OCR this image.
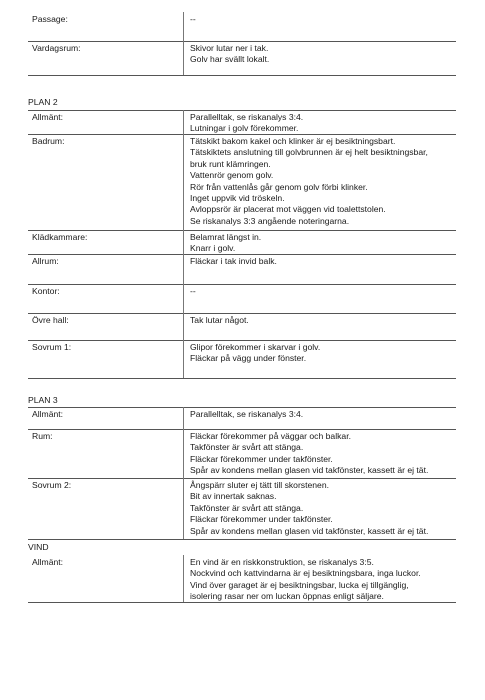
Passage:	--
Vardagsrum:	Skivor lutar ner i tak.
Golv har svällt lokalt.
PLAN 2
Allmänt:	Parallelltak, se riskanalys 3:4.
Lutningar i golv förekommer.
Badrum:	Tätskikt bakom kakel och klinker är ej besiktningsbart.
Tätskiktets anslutning till golvbrunnen är ej helt besiktningsbar,
bruk runt klämringen.
Vattenrör genom golv.
Rör från vattenlås går genom golv förbi klinker.
Inget uppvik vid tröskeln.
Avloppsrör är placerat mot väggen vid toalettstolen.
Se riskanalys 3:3 angående noteringarna.
Klädkammare:	Belamrat längst in.
Knarr i golv.
Allrum:	Fläckar i tak invid balk.
Kontor:	--
Övre hall:	Tak lutar något.
Sovrum 1:	Glipor förekommer i skarvar i golv.
Fläckar på vägg under fönster.
PLAN 3
Allmänt:	Parallelltak, se riskanalys 3:4.
Rum:	Fläckar förekommer på väggar och balkar.
Takfönster är svårt att stänga.
Fläckar förekommer under takfönster.
Spår av kondens mellan glasen vid takfönster, kassett är ej tät.
Sovrum 2:	Ångspärr sluter ej tätt till skorstenen.
Bit av innertak saknas.
Takfönster är svårt att stänga.
Fläckar förekommer under takfönster.
Spår av kondens mellan glasen vid takfönster, kassett är ej tät.
VIND
Allmänt:	En vind är en riskkonstruktion, se riskanalys 3:5.
Nockvind och kattvindarna är ej besiktningsbara, inga luckor.
Vind över garaget är ej besiktningsbar, lucka ej tillgänglig,
isolering rasar ner om luckan öppnas enligt säljare.
